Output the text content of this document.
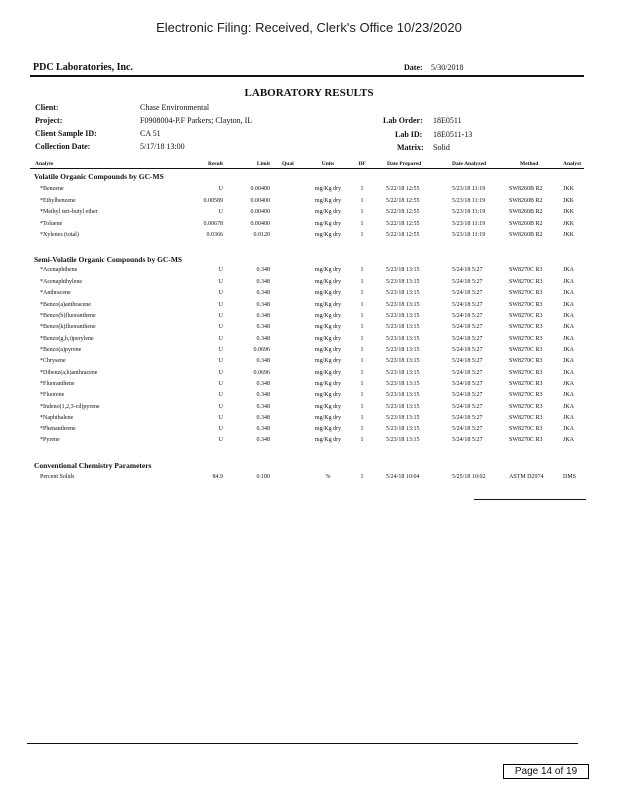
Electronic Filing: Received, Clerk's Office 10/23/2020
PDC Laboratories, Inc.	Date: 5/30/2018
LABORATORY RESULTS
Client:	Chase Environmental
Project:	F0908004-P.F Parkers; Clayton, IL
Client Sample ID:	CA 51
Collection Date:	5/17/18 13:00
Lab Order: 18E0511
Lab ID: 18E0511-13
Matrix: Solid
Analyte	Result	Limit Qual	Units	DF	Date Prepared	Date Analyzed	Method	Analyst
Volatile Organic Compounds by GC-MS
*Benzene	U	0.00400	mg/Kg dry	1	5/22/18 12:55	5/23/18 11:19	SW8260B R2	JKK
*Ethylbenzene	0.00589	0.00400	mg/Kg dry	1	5/22/18 12:55	5/23/18 11:19	SW8260B R2	JKK
*Methyl tert-butyl ether	U	0.00400	mg/Kg dry	1	5/22/18 12:55	5/23/18 11:19	SW8260B R2	JKK
*Toluene	0.00678	0.00400	mg/Kg dry	1	5/22/18 12:55	5/23/18 11:19	SW8260B R2	JKK
*Xylenes (total)	0.0366	0.0120	mg/Kg dry	1	5/22/18 12:55	5/23/18 11:19	SW8260B R2	JKK
Semi-Volatile Organic Compounds by GC-MS
*Acenaphthene	U	0.348	mg/Kg dry	1	5/23/18 13:15	5/24/18 5:27	SW8270C R3	JKA
*Acenaphthylene	U	0.348	mg/Kg dry	1	5/23/18 13:15	5/24/18 5:27	SW8270C R3	JKA
*Anthracene	U	0.348	mg/Kg dry	1	5/23/18 13:15	5/24/18 5:27	SW8270C R3	JKA
*Benzo(a)anthracene	U	0.348	mg/Kg dry	1	5/23/18 13:15	5/24/18 5:27	SW8270C R3	JKA
*Benzo(b)fluoranthene	U	0.348	mg/Kg dry	1	5/23/18 13:15	5/24/18 5:27	SW8270C R3	JKA
*Benzo(k)fluoranthene	U	0.348	mg/Kg dry	1	5/23/18 13:15	5/24/18 5:27	SW8270C R3	JKA
*Benzo(g,h,i)perylene	U	0.348	mg/Kg dry	1	5/23/18 13:15	5/24/18 5:27	SW8270C R3	JKA
*Benzo(a)pyrene	U	0.0696	mg/Kg dry	1	5/23/18 13:15	5/24/18 5:27	SW8270C R3	JKA
*Chrysene	U	0.348	mg/Kg dry	1	5/23/18 13:15	5/24/18 5:27	SW8270C R3	JKA
*Dibenz(a,h)anthracene	U	0.0696	mg/Kg dry	1	5/23/18 13:15	5/24/18 5:27	SW8270C R3	JKA
*Fluoranthene	U	0.348	mg/Kg dry	1	5/23/18 13:15	5/24/18 5:27	SW8270C R3	JKA
*Fluorene	U	0.348	mg/Kg dry	1	5/23/18 13:15	5/24/18 5:27	SW8270C R3	JKA
*Indeno(1,2,3-cd)pyrene	U	0.348	mg/Kg dry	1	5/23/18 13:15	5/24/18 5:27	SW8270C R3	JKA
*Naphthalene	U	0.348	mg/Kg dry	1	5/23/18 13:15	5/24/18 5:27	SW8270C R3	JKA
*Phenanthrene	U	0.348	mg/Kg dry	1	5/23/18 13:15	5/24/18 5:27	SW8270C R3	JKA
*Pyrene	U	0.348	mg/Kg dry	1	5/23/18 13:15	5/24/18 5:27	SW8270C R3	JKA
Conventional Chemistry Parameters
Percent Solids	84.9	0.100	%	1	5/24/18 10:04	5/25/18 10:02	ASTM D2974	DMS
Page 14 of 19
